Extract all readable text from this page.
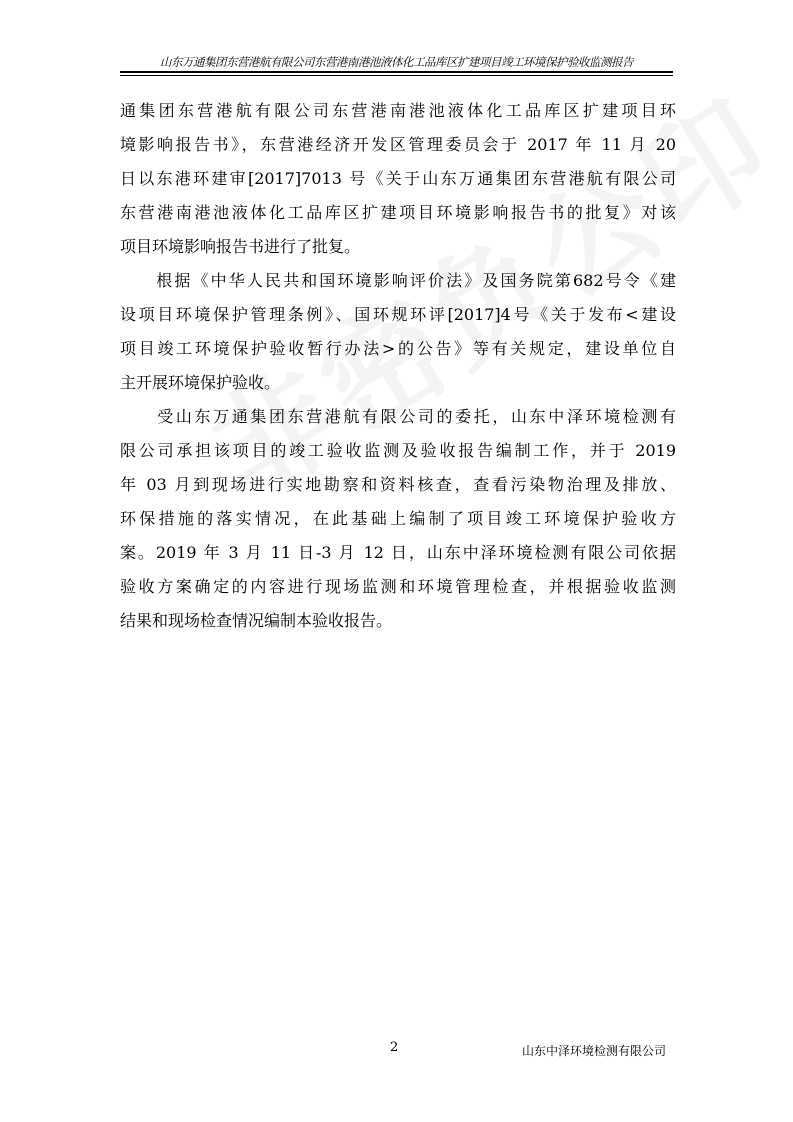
山东万通集团东营港航有限公司东营港南港池液体化工品库区扩建项目竣工环境保护验收监测报告
通集团东营港航有限公司东营港南港池液体化工品库区扩建项目环
境影响报告书》，东营港经济开发区管理委员会于 2017 年 11 月 20
日以东港环建审[2017]7013 号《关于山东万通集团东营港航有限公司
东营港南港池液体化工品库区扩建项目环境影响报告书的批复》对该
项目环境影响报告书进行了批复。
　　根据《中华人民共和国环境影响评价法》及国务院第682号令《建
设项目环境保护管理条例》、国环规环评[2017]4号《关于发布<建设
项目竣工环境保护验收暂行办法>的公告》等有关规定，建设单位自
主开展环境保护验收。
　　受山东万通集团东营港航有限公司的委托，山东中泽环境检测有
限公司承担该项目的竣工验收监测及验收报告编制工作，并于 2019
年 03 月到现场进行实地勘察和资料核查，查看污染物治理及排放、
环保措施的落实情况，在此基础上编制了项目竣工环境保护验收方
案。2019 年 3 月 11 日-3 月 12 日，山东中泽环境检测有限公司依据
验收方案确定的内容进行现场监测和环境管理检查，并根据验收监测
结果和现场检查情况编制本验收报告。
2	山东中泽环境检测有限公司
